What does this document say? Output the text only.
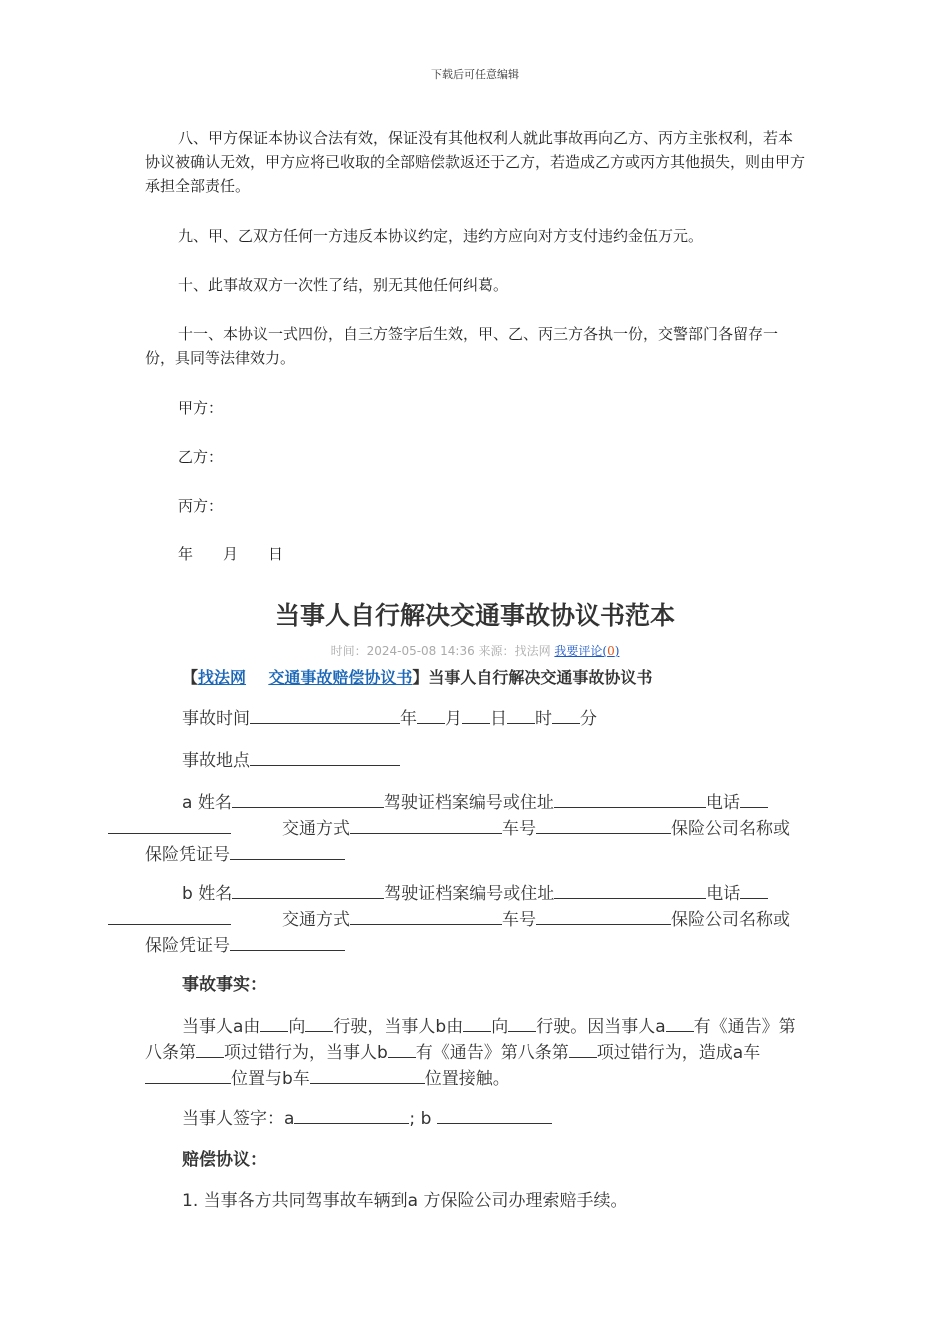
下载后可任意编辑

八、甲方保证本协议合法有效，保证没有其他权利人就此事故再向乙方、丙方主张权利，若本协议被确认无效，甲方应将已收取的全部赔偿款返还于乙方，若造成乙方或丙方其他损失，则由甲方承担全部责任。

九、甲、乙双方任何一方违反本协议约定，违约方应向对方支付违约金伍万元。

十、此事故双方一次性了结，别无其他任何纠葛。

十一、本协议一式四份，自三方签字后生效，甲、乙、丙三方各执一份，交警部门各留存一份，具同等法律效力。

甲方：

乙方：

丙方：

年　　月　　日

当事人自行解决交通事故协议书范本
时间：2024-05-08 14:36 来源：找法网 我要评论(0)
【找法网 交通事故赔偿协议书】当事人自行解决交通事故协议书

事故时间	年 月 日 时 分

事故地点

a 姓名	驾驶证档案编号或住址	电话　　　交通方式	车号	保险公司名称或保险凭证号

b 姓名	驾驶证档案编号或住址	电话　　　交通方式	车号	保险公司名称或保险凭证号

事故事实：

当事人a由 向 行驶，当事人b由 向 行驶。因当事人a 有《通告》第八条第 项过错行为，当事人b 有《通告》第八条第 项过错行为，造成a车位置与b车	位置接触。

当事人签字：a	; b

赔偿协议：

1. 当事各方共同驾事故车辆到a 方保险公司办理索赔手续。
